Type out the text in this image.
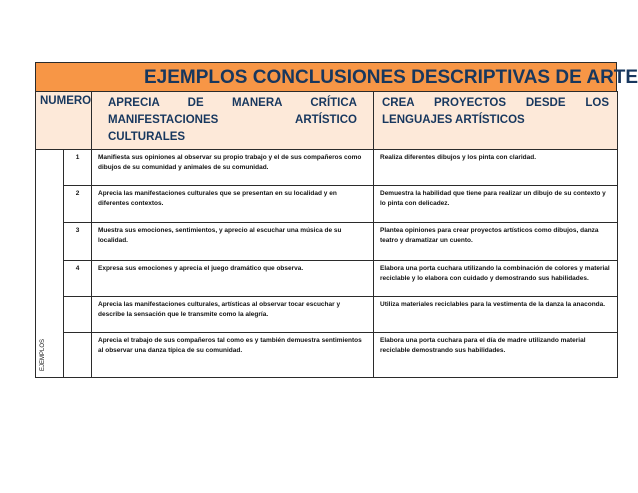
EJEMPLOS CONCLUSIONES DESCRIPTIVAS DE ARTE
NUMERO		APRECIA DE MANERA CRÍTICA MANIFESTACIONES ARTÍSTICO CULTURALES	CREA PROYECTOS DESDE LOS LENGUAJES ARTÍSTICOS

EJEMPLOS	1	Manifiesta sus opiniones al observar su propio trabajo y el de sus compañeros como dibujos de su comunidad y animales de su comunidad.	Realiza diferentes dibujos y los pinta con claridad.
	2	Aprecia las manifestaciones culturales que se presentan en su localidad y en diferentes contextos.	Demuestra la habilidad que tiene para realizar un dibujo de su contexto y lo pinta con delicadez.
	3	Muestra sus emociones, sentimientos, y aprecio al escuchar una música de su localidad.	Plantea opiniones para crear proyectos artísticos como dibujos, danza teatro y dramatizar un cuento.
	4	Expresa sus emociones y aprecia el juego dramático que observa.	Elabora una porta cuchara utilizando la combinación de colores y material reciclable y lo elabora con cuidado y demostrando sus habilidades.
		Aprecia las manifestaciones culturales, artísticas al observar tocar escuchar y describe la sensación que le transmite como la alegría.	Utiliza materiales reciclables para la vestimenta de la danza la anaconda.
		Aprecia el trabajo de sus compañeros tal como es y también demuestra sentimientos al observar una danza típica de su comunidad.	Elabora una porta cuchara para el día de madre utilizando material reciclable demostrando sus habilidades.
